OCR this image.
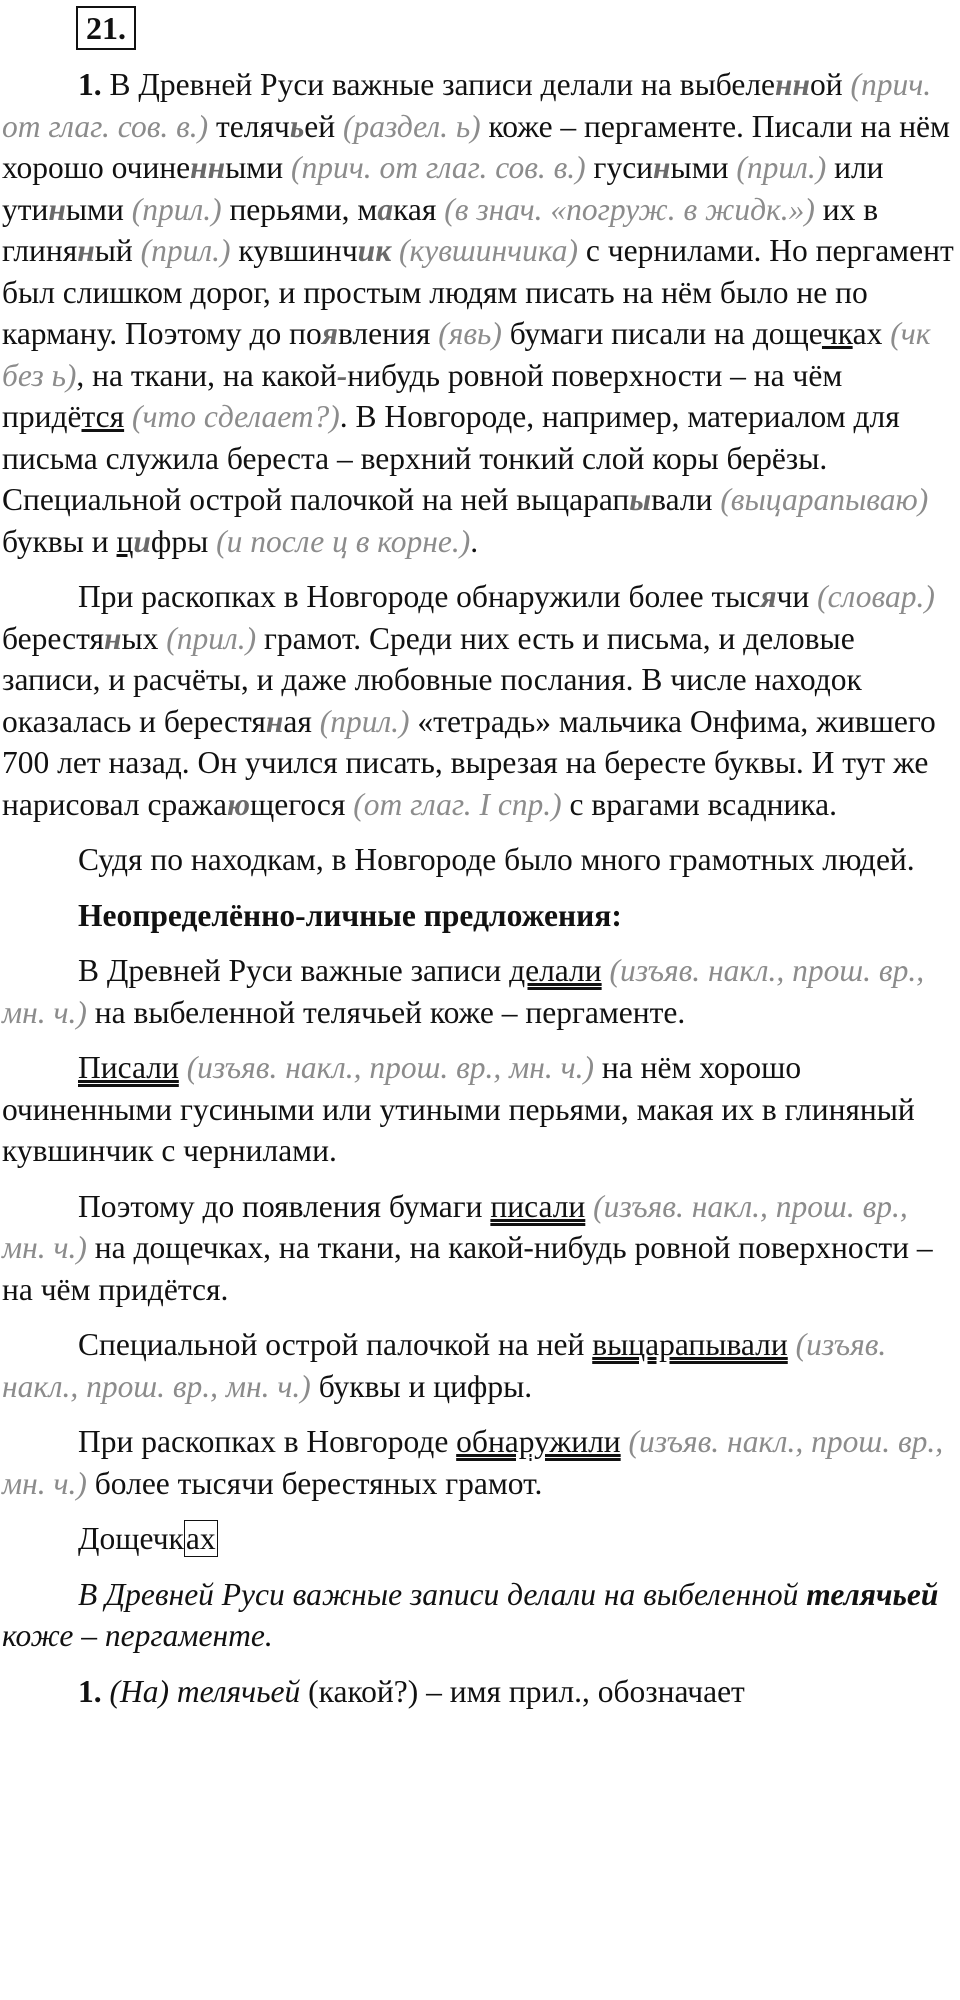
21.

1. В Древней Руси важные записи делали на выбеленной (прич. от глаг. сов. в.) телячьей (раздел. ь) коже – пергаменте. Писали на нём хорошо очиненными (прич. от глаг. сов. в.) гусиными (прил.) или утиными (прил.) перьями, макая (в знач. «погруж. в жидк.») их в глиняный (прил.) кувшинчик (кувшинчика) с чернилами. Но пергамент был слишком дорог, и простым людям писать на нём было не по карману. Поэтому до появления (явь) бумаги писали на дощечках (чк без ь), на ткани, на какой-нибудь ровной поверхности – на чём придётся (что сделает?). В Новгороде, например, материалом для письма служила береста – верхний тонкий слой коры берёзы. Специальной острой палочкой на ней выцарапывали (выцарапываю) буквы и цифры (и после ц в корне.).

При раскопках в Новгороде обнаружили более тысячи (словар.) берестяных (прил.) грамот. Среди них есть и письма, и деловые записи, и расчёты, и даже любовные послания. В числе находок оказалась и берестяная (прил.) «тетрадь» мальчика Онфима, жившего 700 лет назад. Он учился писать, вырезая на бересте буквы. И тут же нарисовал сражающегося (от глаг. I спр.) с врагами всадника.

Судя по находкам, в Новгороде было много грамотных людей.

Неопределённо-личные предложения:

В Древней Руси важные записи делали (изъяв. накл., прош. вр., мн. ч.) на выбеленной телячьей коже – пергаменте.

Писали (изъяв. накл., прош. вр., мн. ч.) на нём хорошо очиненными гусиными или утиными перьями, макая их в глиняный кувшинчик с чернилами.

Поэтому до появления бумаги писали (изъяв. накл., прош. вр., мн. ч.) на дощечках, на ткани, на какой-нибудь ровной поверхности – на чём придётся.

Специальной острой палочкой на ней выцарапывали (изъяв. накл., прош. вр., мн. ч.) буквы и цифры.

При раскопках в Новгороде обнаружили (изъяв. накл., прош. вр., мн. ч.) более тысячи берестяных грамот.

Дощечках

В Древней Руси важные записи делали на выбеленной телячьей коже – пергаменте.

1. (На) телячьей (какой?) – имя прил., обозначает
